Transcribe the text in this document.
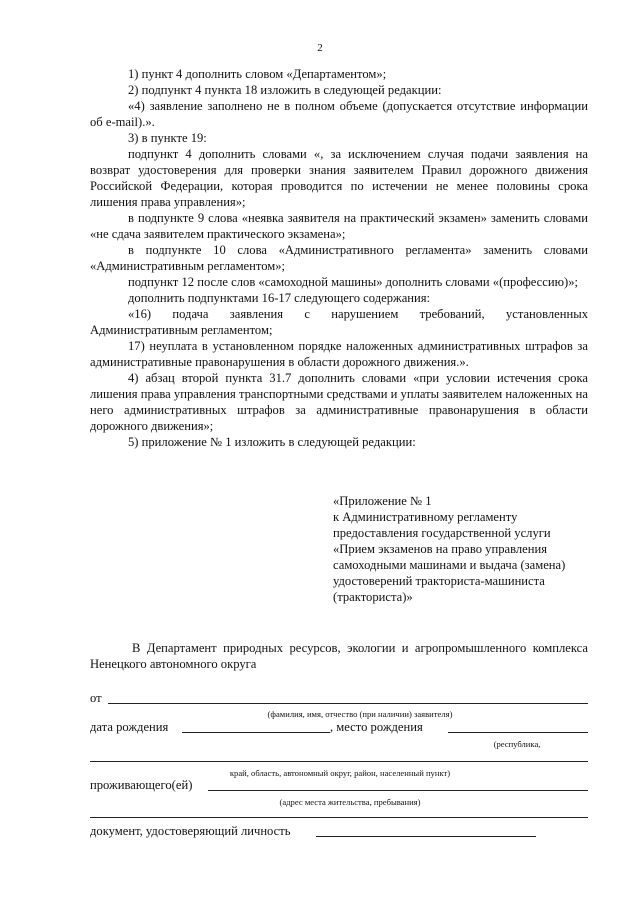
2

1) пункт 4 дополнить словом «Департаментом»;

2) подпункт 4 пункта 18 изложить в следующей редакции:

«4) заявление заполнено не в полном объеме (допускается отсутствие информации об e-mail).».

3) в пункте 19:

подпункт 4 дополнить словами «, за исключением случая подачи заявления на возврат удостоверения для проверки знания заявителем Правил дорожного движения Российской Федерации, которая проводится по истечении не менее половины срока лишения права управления»;

в подпункте 9 слова «неявка заявителя на практический экзамен» заменить словами «не сдача заявителем практического экзамена»;

в подпункте 10 слова «Административного регламента» заменить словами «Административным регламентом»;

подпункт 12 после слов «самоходной машины» дополнить словами «(профессию)»;

дополнить подпунктами 16-17 следующего содержания:

«16) подача заявления с нарушением требований, установленных Административным регламентом;

17) неуплата в установленном порядке наложенных административных штрафов за административные правонарушения в области дорожного движения.».

4) абзац второй пункта 31.7 дополнить словами «при условии истечения срока лишения права управления транспортными средствами и уплаты заявителем наложенных на него административных штрафов за административные правонарушения в области дорожного движения»;

5) приложение № 1 изложить в следующей редакции:

«Приложение № 1
к Административному регламенту
предоставления государственной услуги
«Прием экзаменов на право управления
самоходными машинами и выдача (замена)
удостоверений тракториста-машиниста
(тракториста)»

В Департамент природных ресурсов, экологии и агропромышленного комплекса Ненецкого автономного округа

от
(фамилия, имя, отчество (при наличии) заявителя)
дата рождения	, место рождения
(республика,
край, область, автономный округ, район, населенный пункт)
проживающего(ей)
(адрес места жительства, пребывания)
документ, удостоверяющий личность
